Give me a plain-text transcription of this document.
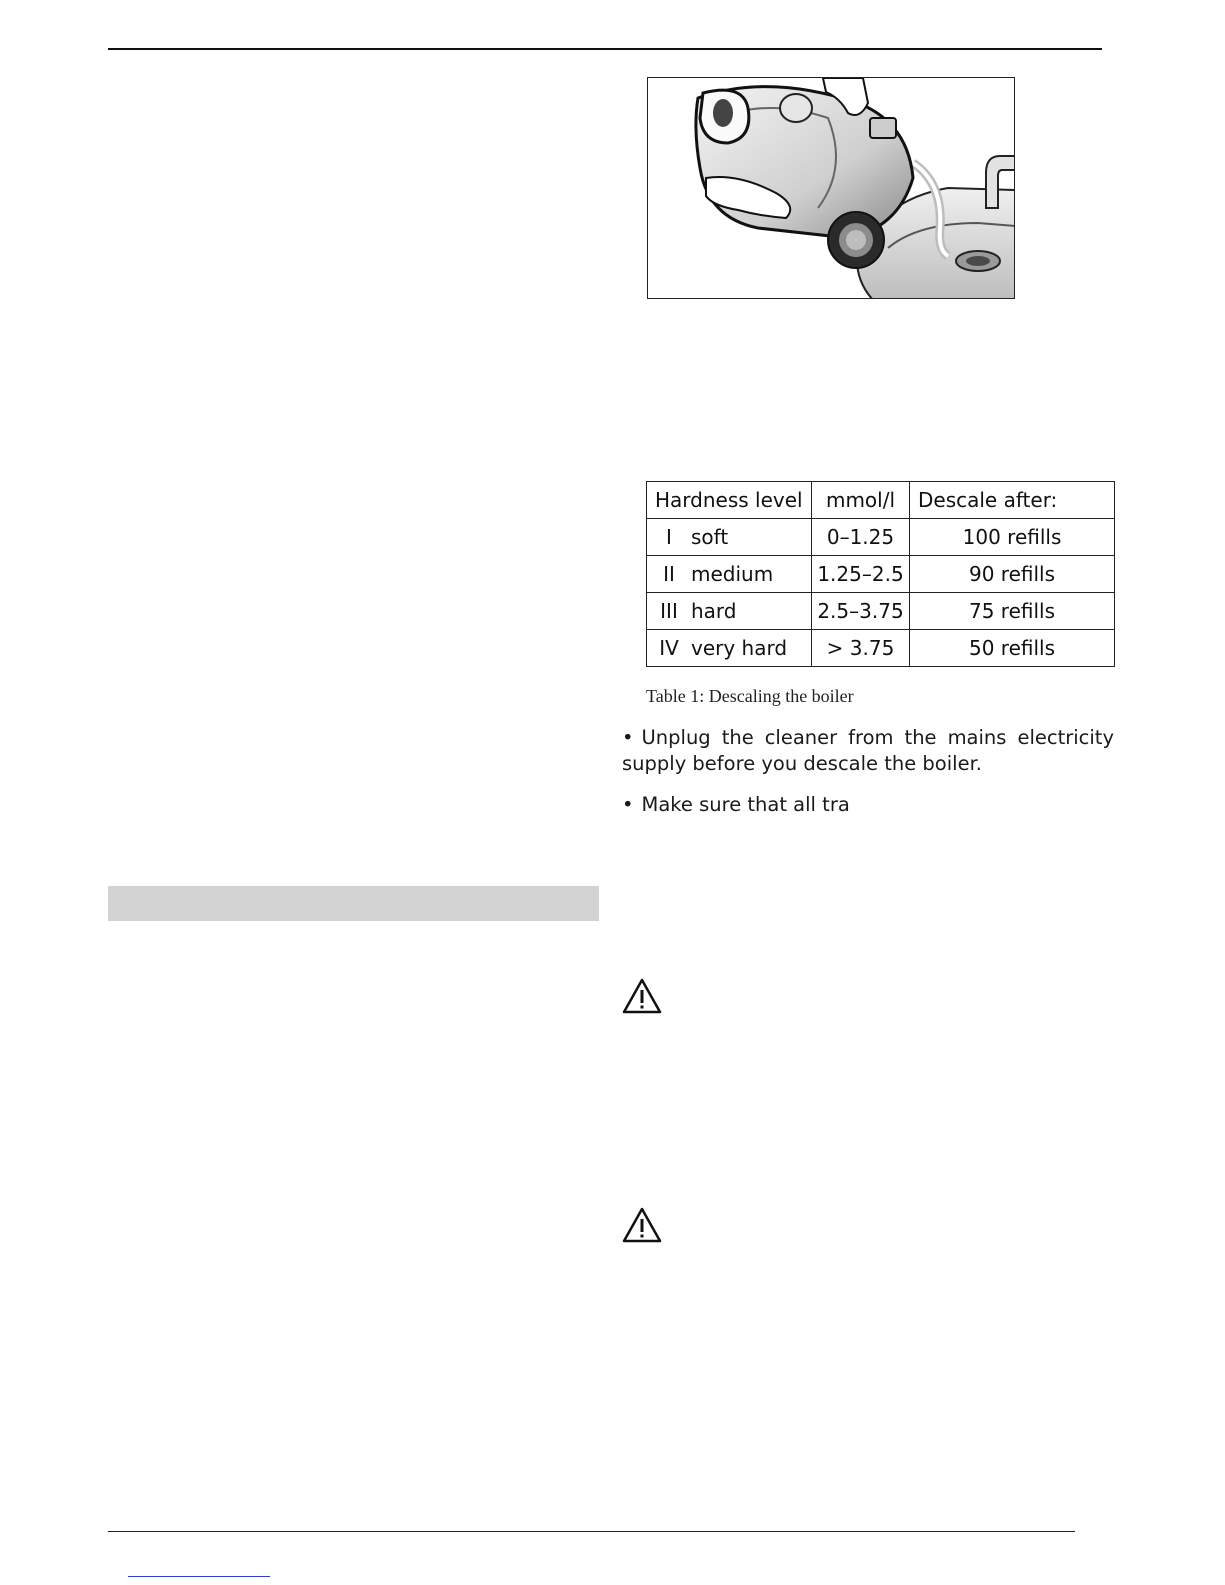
Hardness level	mmol/l	Descale after:
I soft	0–1.25	100 refills
II medium	1.25–2.5	90 refills
III hard	2.5–3.75	75 refills
IV very hard	> 3.75	50 refills
Table 1: Descaling the boiler
• Unplug the cleaner from the mains electricity supply before you descale the boiler.
• Make sure that all tra
